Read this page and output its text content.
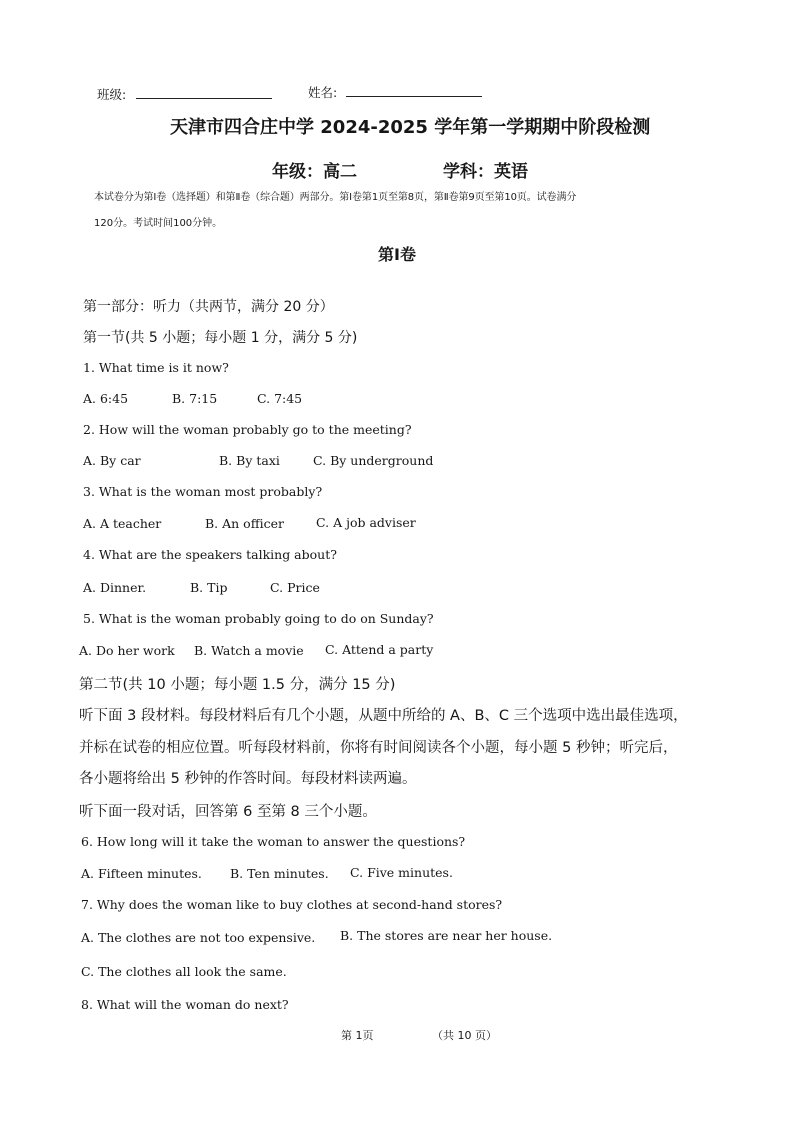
班级:	姓名:
天津市四合庄中学 2024-2025 学年第一学期期中阶段检测
年级：高二	学科：英语
本试卷分为第Ⅰ卷（选择题）和第Ⅱ卷（综合题）两部分。第Ⅰ卷第1页至第8页，第Ⅱ卷第9页至第10页。试卷满分
120分。考试时间100分钟。
第Ⅰ卷
第一部分：听力（共两节，满分 20 分）
第一节(共 5 小题；每小题 1 分，满分 5 分)
1. What time is it now?
A. 6:45	B. 7:15	C. 7:45
2. How will the woman probably go to the meeting?
A. By car	B. By taxi	C. By underground
3. What is the woman most probably?
A. A teacher	B. An officer	C. A job adviser
4. What are the speakers talking about?
A. Dinner.	B. Tip	C. Price
5. What is the woman probably going to do on Sunday?
A. Do her work B. Watch a movie C. Attend a party
第二节(共 10 小题；每小题 1.5 分，满分 15 分)
听下面 3 段材料。每段材料后有几个小题，从题中所给的 A、B、C 三个选项中选出最佳选项，
并标在试卷的相应位置。听每段材料前，你将有时间阅读各个小题，每小题 5 秒钟；听完后，
各小题将给出 5 秒钟的作答时间。每段材料读两遍。
听下面一段对话，回答第 6 至第 8 三个小题。
6. How long will it take the woman to answer the questions?
A. Fifteen minutes. B. Ten minutes. C. Five minutes.
7. Why does the woman like to buy clothes at second-hand stores?
A. The clothes are not too expensive. B. The stores are near her house.
C. The clothes all look the same.
8. What will the woman do next?
第 1页	（共 10 页）
